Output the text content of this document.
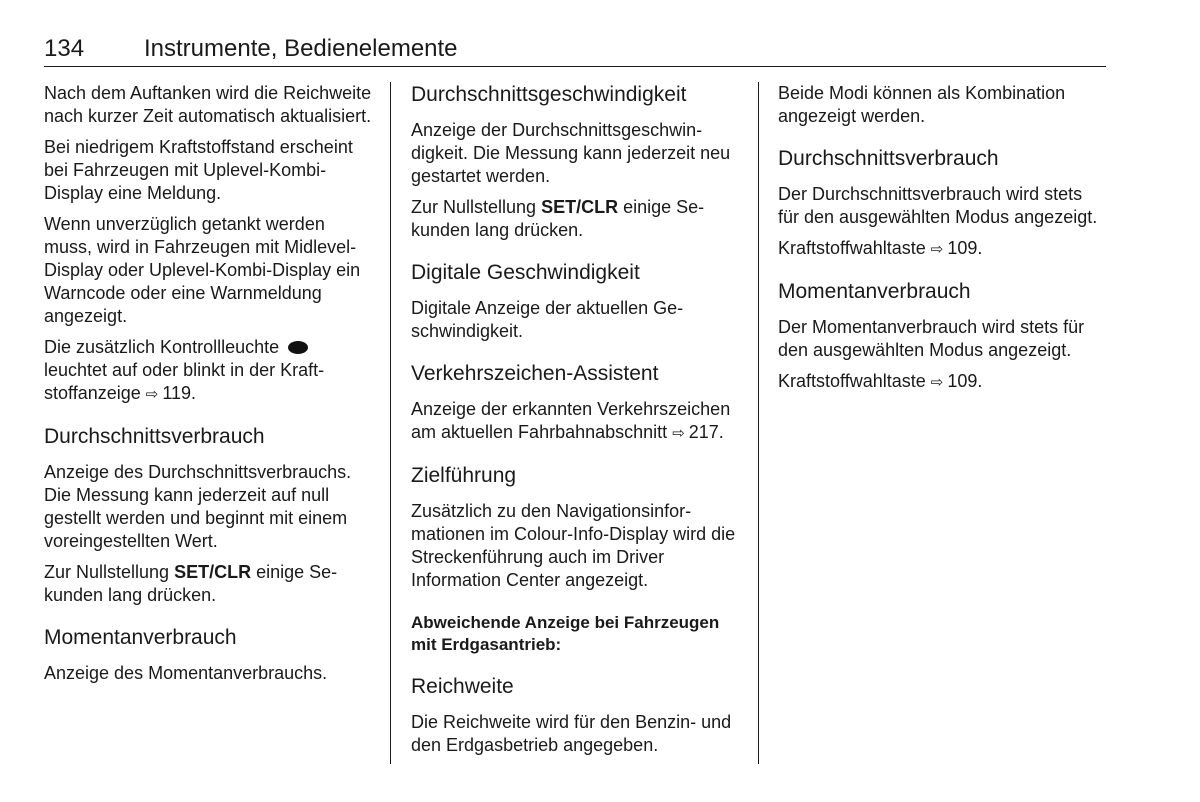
134 Instrumente, Bedienelemente

Nach dem Auftanken wird die Reichweite nach kurzer Zeit automatisch aktualisiert.

Bei niedrigem Kraftstoffstand erscheint bei Fahrzeugen mit Uplevel-Kombi-Display eine Meldung.

Wenn unverzüglich getankt werden muss, wird in Fahrzeugen mit Midlevel-Display oder Uplevel-Kombi-Display ein Warncode oder eine Warnmeldung angezeigt.

Die zusätzlich Kontrollleuchte  leuchtet auf oder blinkt in der Kraftstoffanzeige ⇨ 119.

Durchschnittsverbrauch

Anzeige des Durchschnittsverbrauchs. Die Messung kann jederzeit auf null gestellt werden und beginnt mit einem voreingestellten Wert.

Zur Nullstellung SET/CLR einige Sekunden lang drücken.

Momentanverbrauch

Anzeige des Momentanverbrauchs.

Durchschnittsgeschwindigkeit

Anzeige der Durchschnittsgeschwindigkeit. Die Messung kann jederzeit neu gestartet werden.

Zur Nullstellung SET/CLR einige Sekunden lang drücken.

Digitale Geschwindigkeit

Digitale Anzeige der aktuellen Geschwindigkeit.

Verkehrszeichen-Assistent

Anzeige der erkannten Verkehrszeichen am aktuellen Fahrbahnabschnitt ⇨ 217.

Zielführung

Zusätzlich zu den Navigationsinformationen im Colour-Info-Display wird die Streckenführung auch im Driver Information Center angezeigt.

Abweichende Anzeige bei Fahrzeugen mit Erdgasantrieb:
Reichweite

Die Reichweite wird für den Benzin- und den Erdgasbetrieb angegeben.

Beide Modi können als Kombination angezeigt werden.

Durchschnittsverbrauch

Der Durchschnittsverbrauch wird stets für den ausgewählten Modus angezeigt.

Kraftstoffwahltaste ⇨ 109.

Momentanverbrauch

Der Momentanverbrauch wird stets für den ausgewählten Modus angezeigt.

Kraftstoffwahltaste ⇨ 109.
